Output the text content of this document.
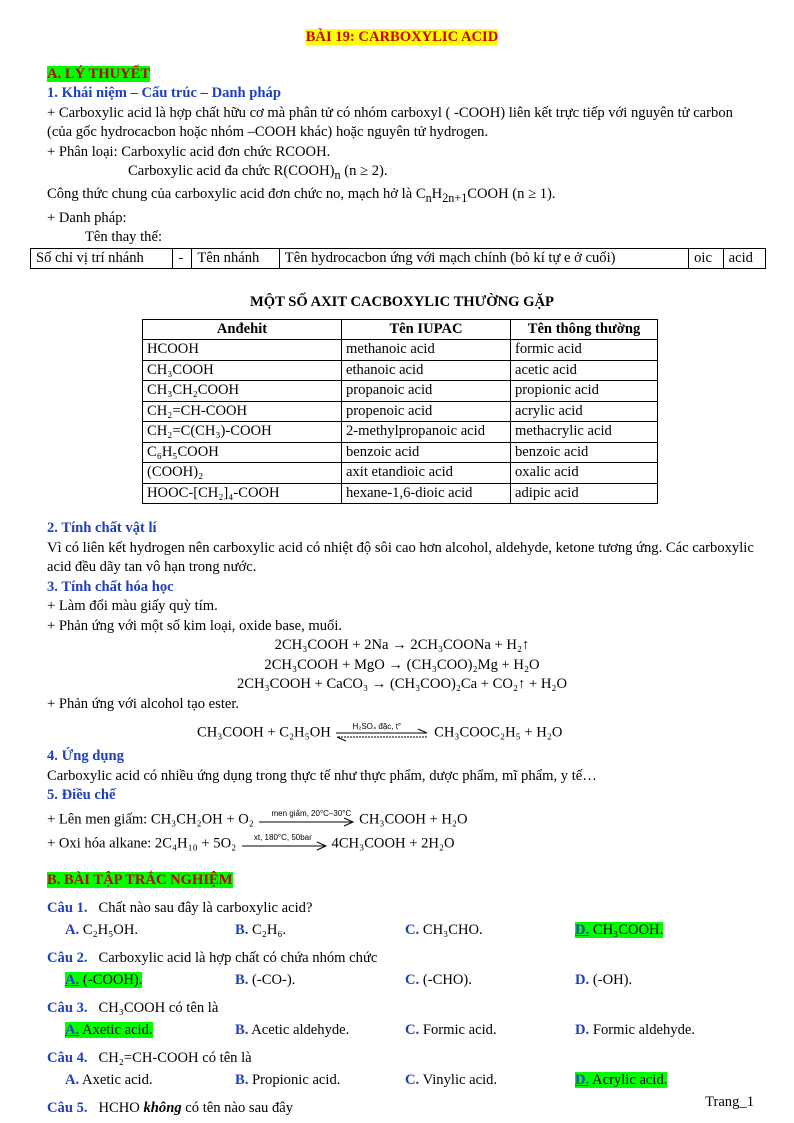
BÀI 19: CARBOXYLIC ACID

A. LÝ THUYẾT

1. Khái niệm – Cấu trúc – Danh pháp

+ Carboxylic acid là hợp chất hữu cơ mà phân tử có nhóm carboxyl ( -COOH) liên kết trực tiếp với nguyên tử carbon (của gốc hydrocacbon hoặc nhóm –COOH khác) hoặc nguyên tử hydrogen.

+ Phân loại: Carboxylic acid đơn chức RCOOH.

Carboxylic acid đa chức $R(COOH)_n$ (n ≥ 2).

Công thức chung của carboxylic acid đơn chức no, mạch hở là $C_nH_{2n+1}COOH$ (n ≥ 1).

+ Danh pháp:

Tên thay thế:

Số chỉ vị trí nhánh	-	Tên nhánh	Tên hydrocacbon ứng với mạch chính (bỏ kí tự e ở cuối)	oic	acid

MỘT SỐ AXIT CACBOXYLIC THƯỜNG GẶP

Anđehit	Tên IUPAC	Tên thông thường
HCOOH	methanoic acid	formic acid
CH₃COOH	ethanoic acid	acetic acid
CH₃CH₂COOH	propanoic acid	propionic acid
CH₂=CH-COOH	propenoic acid	acrylic acid
CH₂=C(CH₃)-COOH	2-methylpropanoic acid	methacrylic acid
C₆H₅COOH	benzoic acid	benzoic acid
(COOH)₂	axit etandioic acid	oxalic acid
HOOC-[CH₂]₄-COOH	hexane-1,6-dioic acid	adipic acid

2. Tính chất vật lí

Vì có liên kết hydrogen nên carboxylic acid có nhiệt độ sôi cao hơn alcohol, aldehyde, ketone tương ứng. Các carboxylic acid đều dãy tan vô hạn trong nước.

3. Tính chất hóa học

+ Làm đổi màu giấy quỳ tím.

+ Phản ứng với một số kim loại, oxide base, muối.

2CH₃COOH + 2Na → 2CH₃COONa + H₂↑

2CH₃COOH + MgO → (CH₃COO)₂Mg + H₂O

2CH₃COOH + CaCO₃ → (CH₃COO)₂Ca + CO₂↑ + H₂O

+ Phản ứng với alcohol tạo ester.

CH₃COOH + C₂H₅OH	H₂SO₄ đặc, t° CH₃COOC₂H₅ + H₂O

4. Ứng dụng

Carboxylic acid có nhiều ứng dụng trong thực tế như thực phẩm, dược phẩm, mĩ phẩm, y tế…

5. Điều chế

+ Lên men giấm: CH₃CH₂OH + O₂ men giấm, 20°C–30°C CH₃COOH + H₂O

+ Oxi hóa alkane: 2C₄H₁₀ + 5O₂ xt, 180°C, 50bar 4CH₃COOH + 2H₂O

B. BÀI TẬP TRẮC NGHIỆM

Câu 1. Chất nào sau đây là carboxylic acid?
A. C₂H₅OH.	B. C₂H₆.	C. CH₃CHO.	D. CH₃COOH.
Câu 2. Carboxylic acid là hợp chất có chứa nhóm chức
A. (-COOH).	B. (-CO-).	C. (-CHO).	D. (-OH).
Câu 3. CH₃COOH có tên là
A. Axetic acid.	B. Acetic aldehyde.	C. Formic acid.	D. Formic aldehyde.
Câu 4. CH₂=CH-COOH có tên là
A. Axetic acid.	B. Propionic acid.	C. Vinylic acid.	D. Acrylic acid.
Câu 5. HCHO không có tên nào sau đây	Trang_1
